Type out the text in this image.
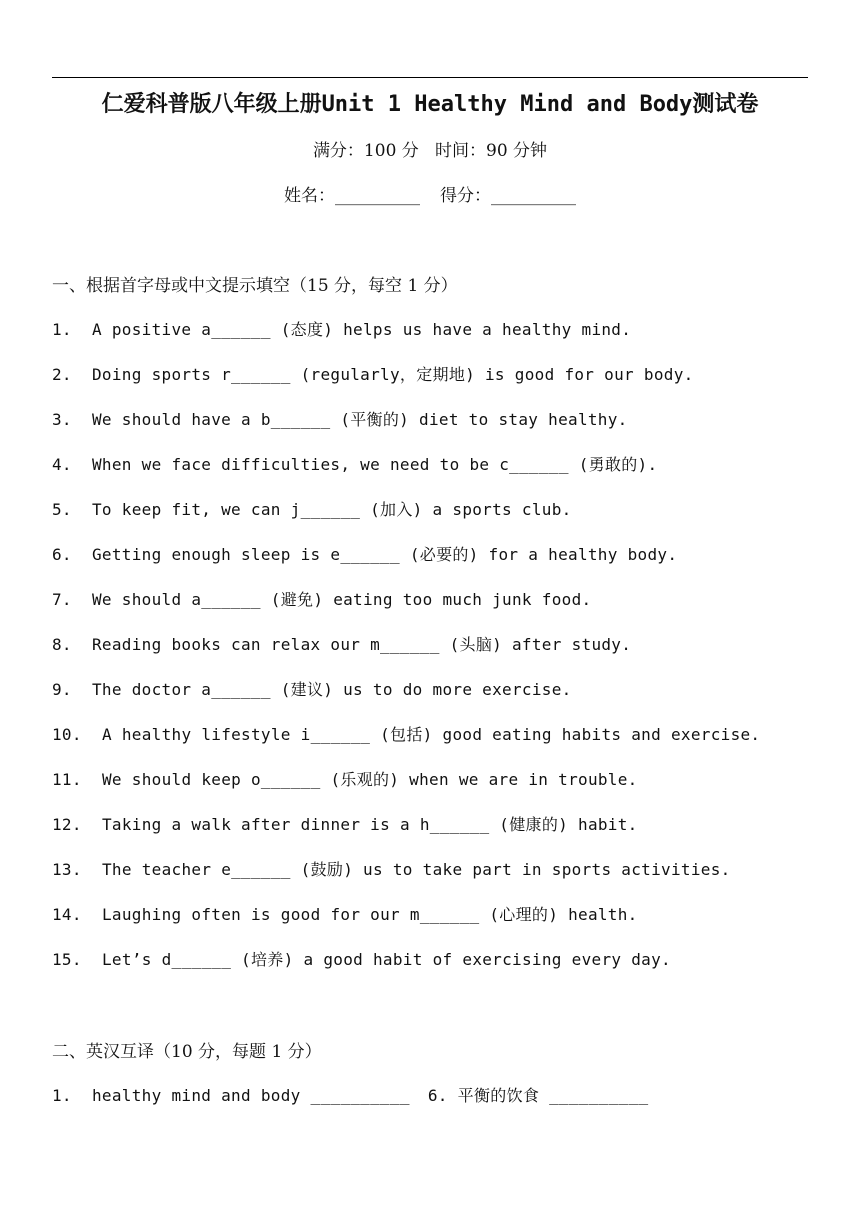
仁爱科普版八年级上册Unit 1 Healthy Mind and Body测试卷
满分：100 分   时间：90 分钟
姓名：__________ 得分：__________
一、根据首字母或中文提示填空（15 分，每空 1 分）
1. A positive a______ (态度) helps us have a healthy mind.
2. Doing sports r______ (regularly，定期地) is good for our body.
3. We should have a b______ (平衡的) diet to stay healthy.
4. When we face difficulties, we need to be c______ (勇敢的).
5. To keep fit, we can j______ (加入) a sports club.
6. Getting enough sleep is e______ (必要的) for a healthy body.
7. We should a______ (避免) eating too much junk food.
8. Reading books can relax our m______ (头脑) after study.
9. The doctor a______ (建议) us to do more exercise.
10. A healthy lifestyle i______ (包括) good eating habits and exercise.
11. We should keep o______ (乐观的) when we are in trouble.
12. Taking a walk after dinner is a h______ (健康的) habit.
13. The teacher e______ (鼓励) us to take part in sports activities.
14. Laughing often is good for our m______ (心理的) health.
15. Let’s d______ (培养) a good habit of exercising every day.
二、英汉互译（10 分，每题 1 分）
1. healthy mind and body __________ 6. 平衡的饮食 __________
